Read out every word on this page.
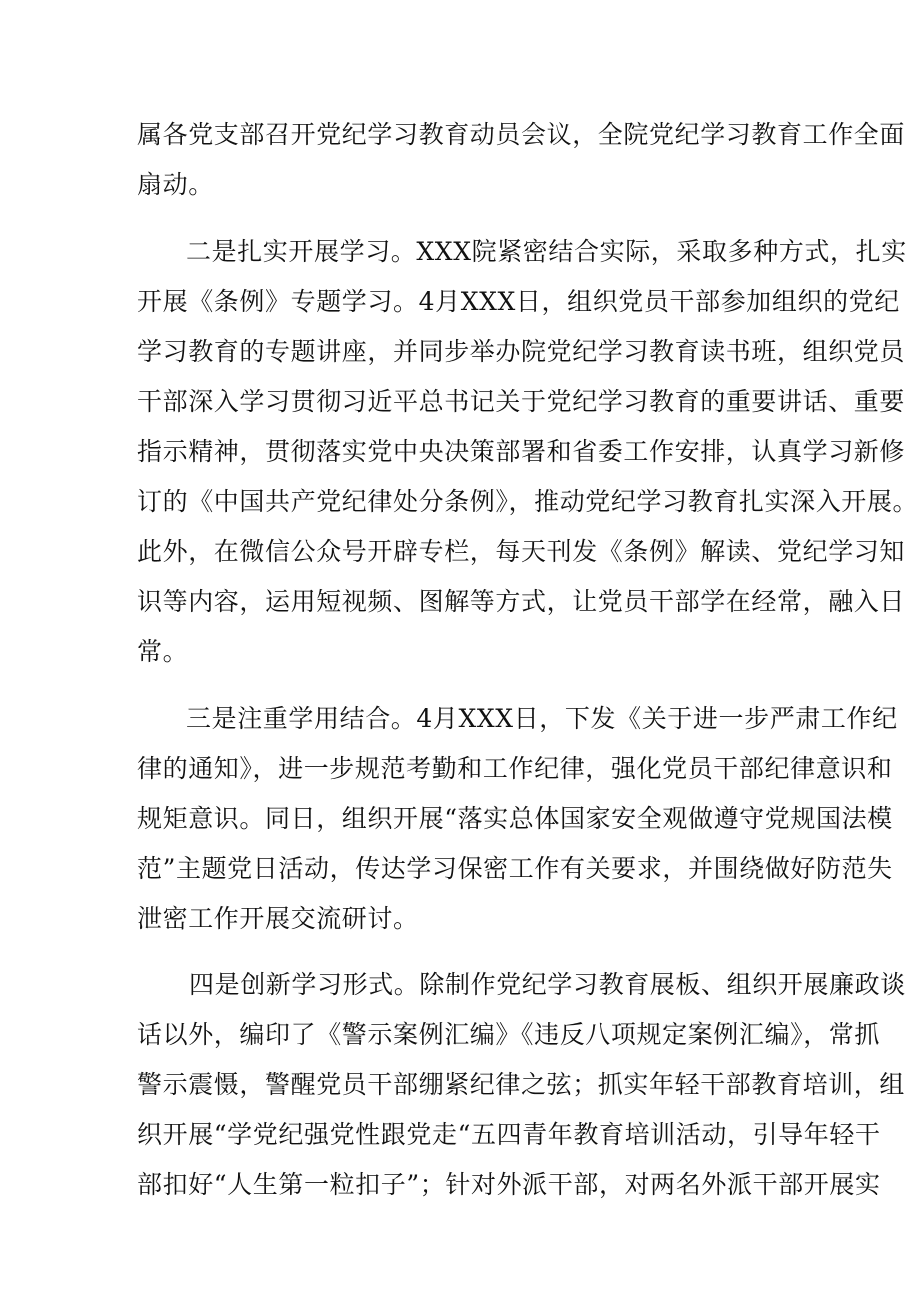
属各党支部召开党纪学习教育动员会议，全院党纪学习教育工作全面
扇动。
二是扎实开展学习。XXX院紧密结合实际，采取多种方式，扎实
开展《条例》专题学习。4月XXX日，组织党员干部参加组织的党纪
学习教育的专题讲座，并同步举办院党纪学习教育读书班，组织党员
干部深入学习贯彻习近平总书记关于党纪学习教育的重要讲话、重要
指示精神，贯彻落实党中央决策部署和省委工作安排，认真学习新修
订的《中国共产党纪律处分条例》，推动党纪学习教育扎实深入开展。
此外，在微信公众号开辟专栏，每天刊发《条例》解读、党纪学习知
识等内容，运用短视频、图解等方式，让党员干部学在经常，融入日
常。
三是注重学用结合。4月XXX日，下发《关于进一步严肃工作纪
律的通知》，进一步规范考勤和工作纪律，强化党员干部纪律意识和
规矩意识。同日，组织开展“落实总体国家安全观做遵守党规国法模
范”主题党日活动，传达学习保密工作有关要求，并围绕做好防范失
泄密工作开展交流研讨。
四是创新学习形式。除制作党纪学习教育展板、组织开展廉政谈
话以外，编印了《警示案例汇编》《违反八项规定案例汇编》，常抓
警示震慑，警醒党员干部绷紧纪律之弦；抓实年轻干部教育培训，组
织开展“学党纪强党性跟党走“五四青年教育培训活动，引导年轻干
部扣好“人生第一粒扣子”；针对外派干部，对两名外派干部开展实
